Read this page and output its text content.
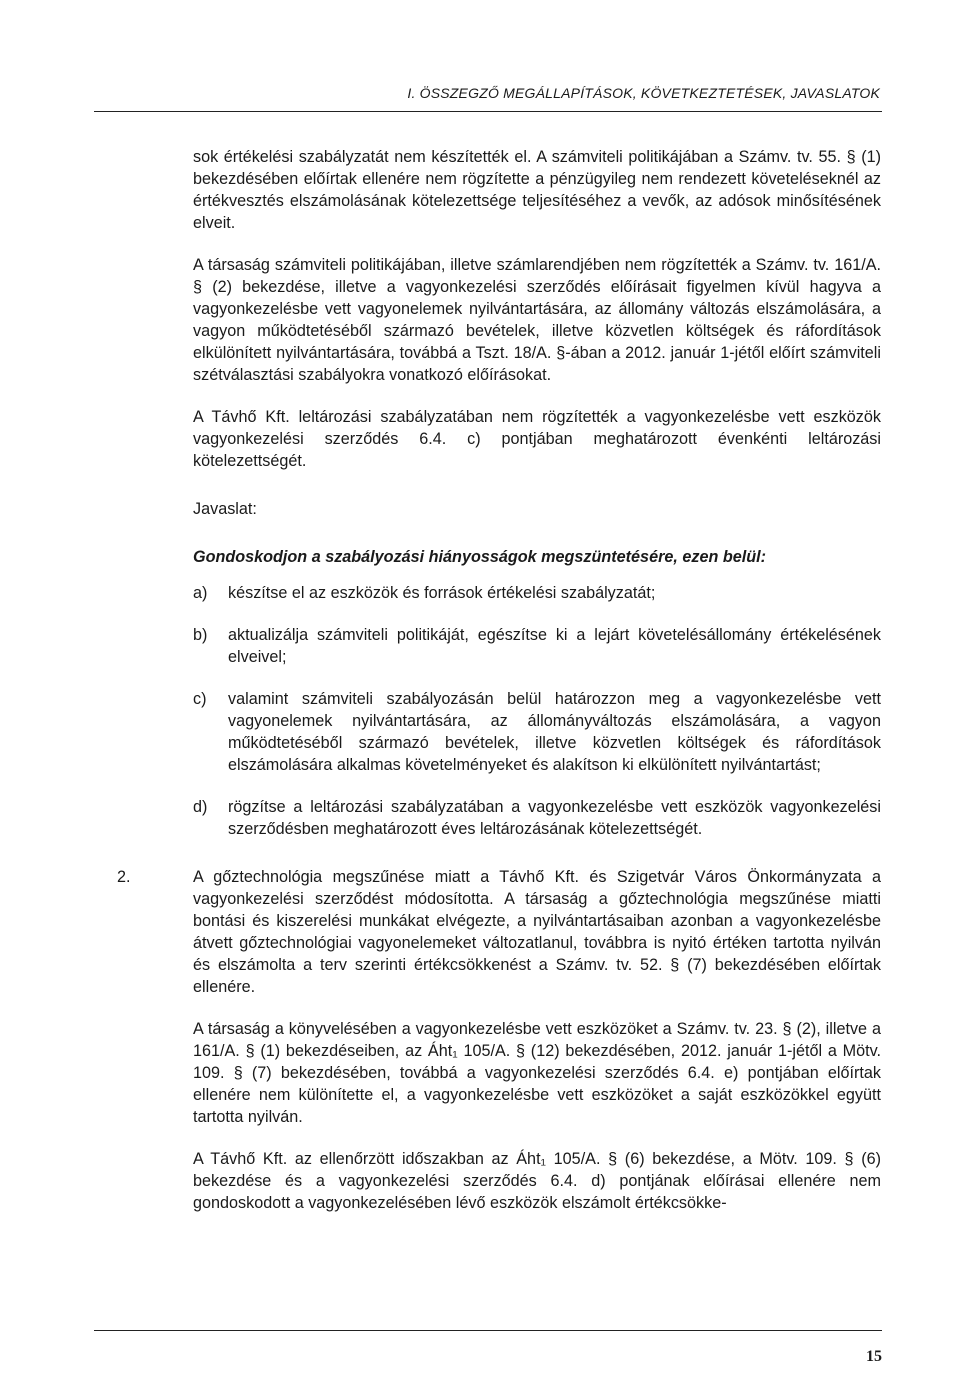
I. ÖSSZEGZŐ MEGÁLLAPÍTÁSOK, KÖVETKEZTETÉSEK, JAVASLATOK

sok értékelési szabályzatát nem készítették el. A számviteli politikájában a Számv. tv. 55. § (1) bekezdésében előírtak ellenére nem rögzítette a pénzügyileg nem rendezett követeléseknél az értékvesztés elszámolásának kötelezettsége teljesítéséhez a vevők, az adósok minősítésének elveit.

A társaság számviteli politikájában, illetve számlarendjében nem rögzítették a Számv. tv. 161/A. § (2) bekezdése, illetve a vagyonkezelési szerződés előírásait figyelmen kívül hagyva a vagyonkezelésbe vett vagyonelemek nyilvántartására, az állomány változás elszámolására, a vagyon működtetéséből származó bevételek, illetve közvetlen költségek és ráfordítások elkülönített nyilvántartására, továbbá a Tszt. 18/A. §-ában a 2012. január 1-jétől előírt számviteli szétválasztási szabályokra vonatkozó előírásokat.

A Távhő Kft. leltározási szabályzatában nem rögzítették a vagyonkezelésbe vett eszközök vagyonkezelési szerződés 6.4. c) pontjában meghatározott évenkénti leltározási kötelezettségét.

Javaslat:

Gondoskodjon a szabályozási hiányosságok megszüntetésére, ezen belül:

a) készítse el az eszközök és források értékelési szabályzatát;
b) aktualizálja számviteli politikáját, egészítse ki a lejárt követelésállomány értékelésének elveivel;
c) valamint számviteli szabályozásán belül határozzon meg a vagyonkezelésbe vett vagyonelemek nyilvántartására, az állományváltozás elszámolására, a vagyon működtetéséből származó bevételek, illetve közvetlen költségek és ráfordítások elszámolására alkalmas követelményeket és alakítson ki elkülönített nyilvántartást;
d) rögzítse a leltározási szabályzatában a vagyonkezelésbe vett eszközök vagyonkezelési szerződésben meghatározott éves leltározásának kötelezettségét.

2.	A gőztechnológia megszűnése miatt a Távhő Kft. és Szigetvár Város Önkormányzata a vagyonkezelési szerződést módosította. A társaság a gőztechnológia megszűnése miatti bontási és kiszerelési munkákat elvégezte, a nyilvántartásaiban azonban a vagyonkezelésbe átvett gőztechnológiai vagyonelemeket változatlanul, továbbra is nyitó értéken tartotta nyilván és elszámolta a terv szerinti értékcsökkenést a Számv. tv. 52. § (7) bekezdésében előírtak ellenére.

A társaság a könyvelésében a vagyonkezelésbe vett eszközöket a Számv. tv. 23. § (2), illetve a 161/A. § (1) bekezdéseiben, az Áht₁ 105/A. § (12) bekezdésében, 2012. január 1-jétől a Mötv. 109. § (7) bekezdésében, továbbá a vagyonkezelési szerződés 6.4. e) pontjában előírtak ellenére nem különítette el, a vagyonkezelésbe vett eszközöket a saját eszközökkel együtt tartotta nyilván.

A Távhő Kft. az ellenőrzött időszakban az Áht₁ 105/A. § (6) bekezdése, a Mötv. 109. § (6) bekezdése és a vagyonkezelési szerződés 6.4. d) pontjának előírásai ellenére nem gondoskodott a vagyonkezelésében lévő eszközök elszámolt értékcsökke-

15
